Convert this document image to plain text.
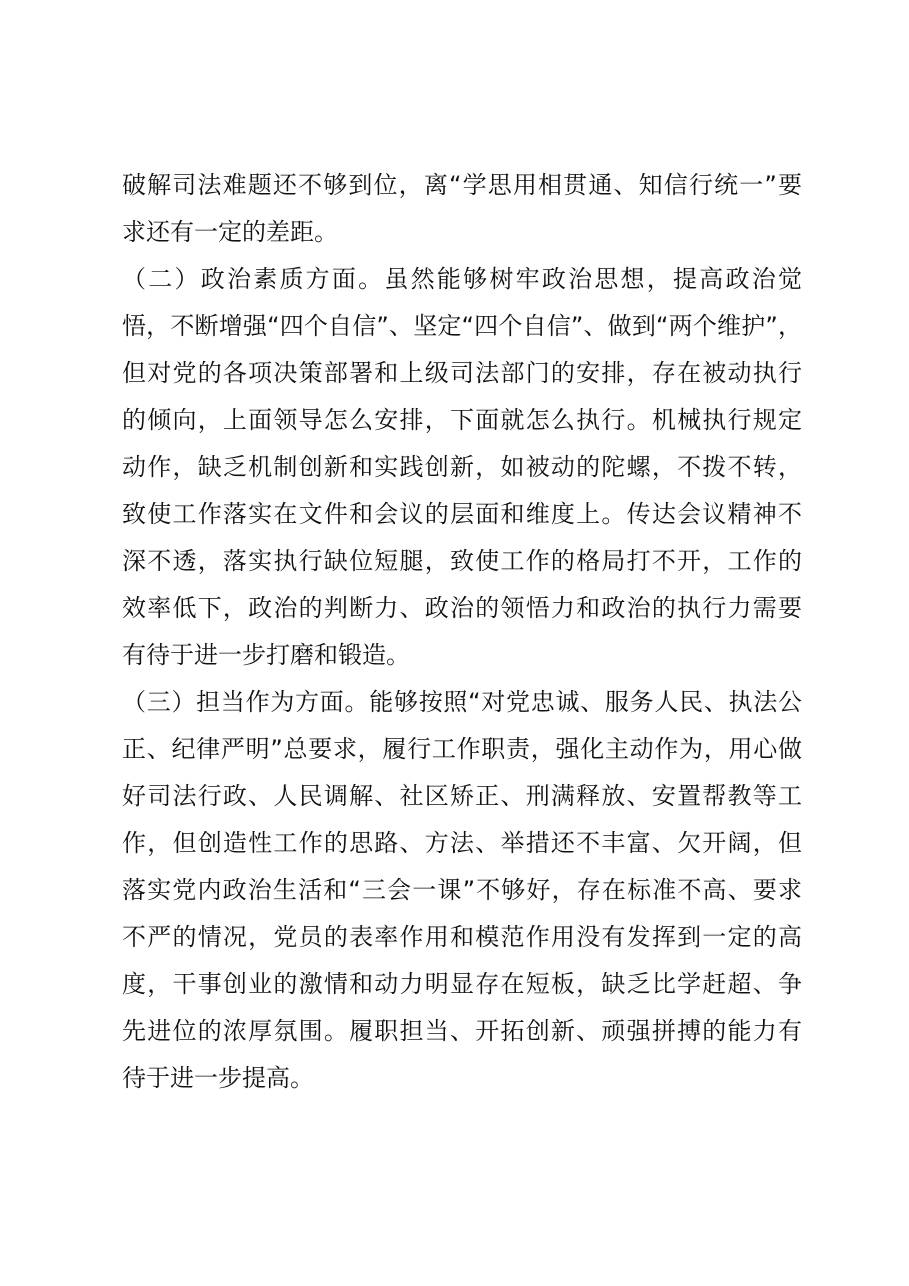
破解司法难题还不够到位，离“学思用相贯通、知信行统一”要
求还有一定的差距。
（二）政治素质方面。虽然能够树牢政治思想，提高政治觉
悟，不断增强“四个自信”、坚定“四个自信”、做到“两个维护”，
但对党的各项决策部署和上级司法部门的安排，存在被动执行
的倾向，上面领导怎么安排，下面就怎么执行。机械执行规定
动作，缺乏机制创新和实践创新，如被动的陀螺，不拨不转，
致使工作落实在文件和会议的层面和维度上。传达会议精神不
深不透，落实执行缺位短腿，致使工作的格局打不开，工作的
效率低下，政治的判断力、政治的领悟力和政治的执行力需要
有待于进一步打磨和锻造。
（三）担当作为方面。能够按照“对党忠诚、服务人民、执法公
正、纪律严明”总要求，履行工作职责，强化主动作为，用心做
好司法行政、人民调解、社区矫正、刑满释放、安置帮教等工
作，但创造性工作的思路、方法、举措还不丰富、欠开阔，但
落实党内政治生活和“三会一课”不够好，存在标准不高、要求
不严的情况，党员的表率作用和模范作用没有发挥到一定的高
度，干事创业的激情和动力明显存在短板，缺乏比学赶超、争
先进位的浓厚氛围。履职担当、开拓创新、顽强拼搏的能力有
待于进一步提高。
